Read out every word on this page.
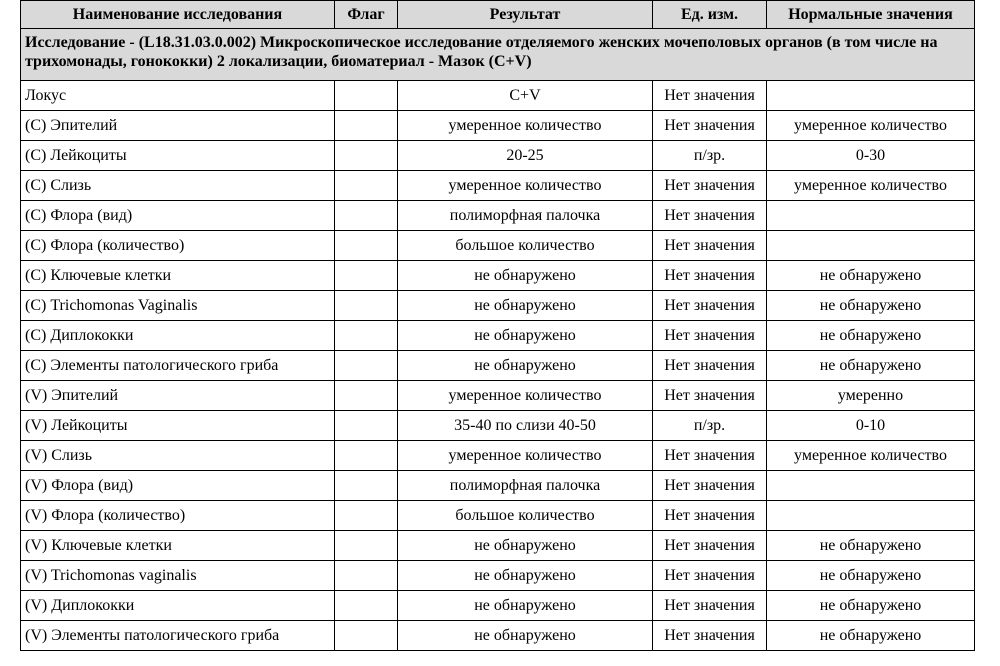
Наименование исследования	Флаг	Результат	Ед. изм.	Нормальные значения
Исследование - (L18.31.03.0.002) Микроскопическое исследование отделяемого женских мочеполовых органов (в том числе на трихомонады, гонококки) 2 локализации, биоматериал - Мазок (С+V)				
Локус		C+V	Нет значения	
(С) Эпителий		умеренное количество	Нет значения	умеренное количество
(С) Лейкоциты		20-25	п/зр.	0-30
(С) Слизь		умеренное количество	Нет значения	умеренное количество
(С) Флора (вид)		полиморфная палочка	Нет значения	
(С) Флора (количество)		большое количество	Нет значения	
(С) Ключевые клетки		не обнаружено	Нет значения	не обнаружено
(С) Trichomonas Vaginalis		не обнаружено	Нет значения	не обнаружено
(С) Диплококки		не обнаружено	Нет значения	не обнаружено
(С) Элементы патологического гриба		не обнаружено	Нет значения	не обнаружено
(V) Эпителий		умеренное количество	Нет значения	умеренно
(V) Лейкоциты		35-40 по слизи 40-50	п/зр.	0-10
(V) Слизь		умеренное количество	Нет значения	умеренное количество
(V) Флора (вид)		полиморфная палочка	Нет значения	
(V) Флора (количество)		большое количество	Нет значения	
(V) Ключевые клетки		не обнаружено	Нет значения	не обнаружено
(V) Trichomonas vaginalis		не обнаружено	Нет значения	не обнаружено
(V) Диплококки		не обнаружено	Нет значения	не обнаружено
(V) Элементы патологического гриба		не обнаружено	Нет значения	не обнаружено
